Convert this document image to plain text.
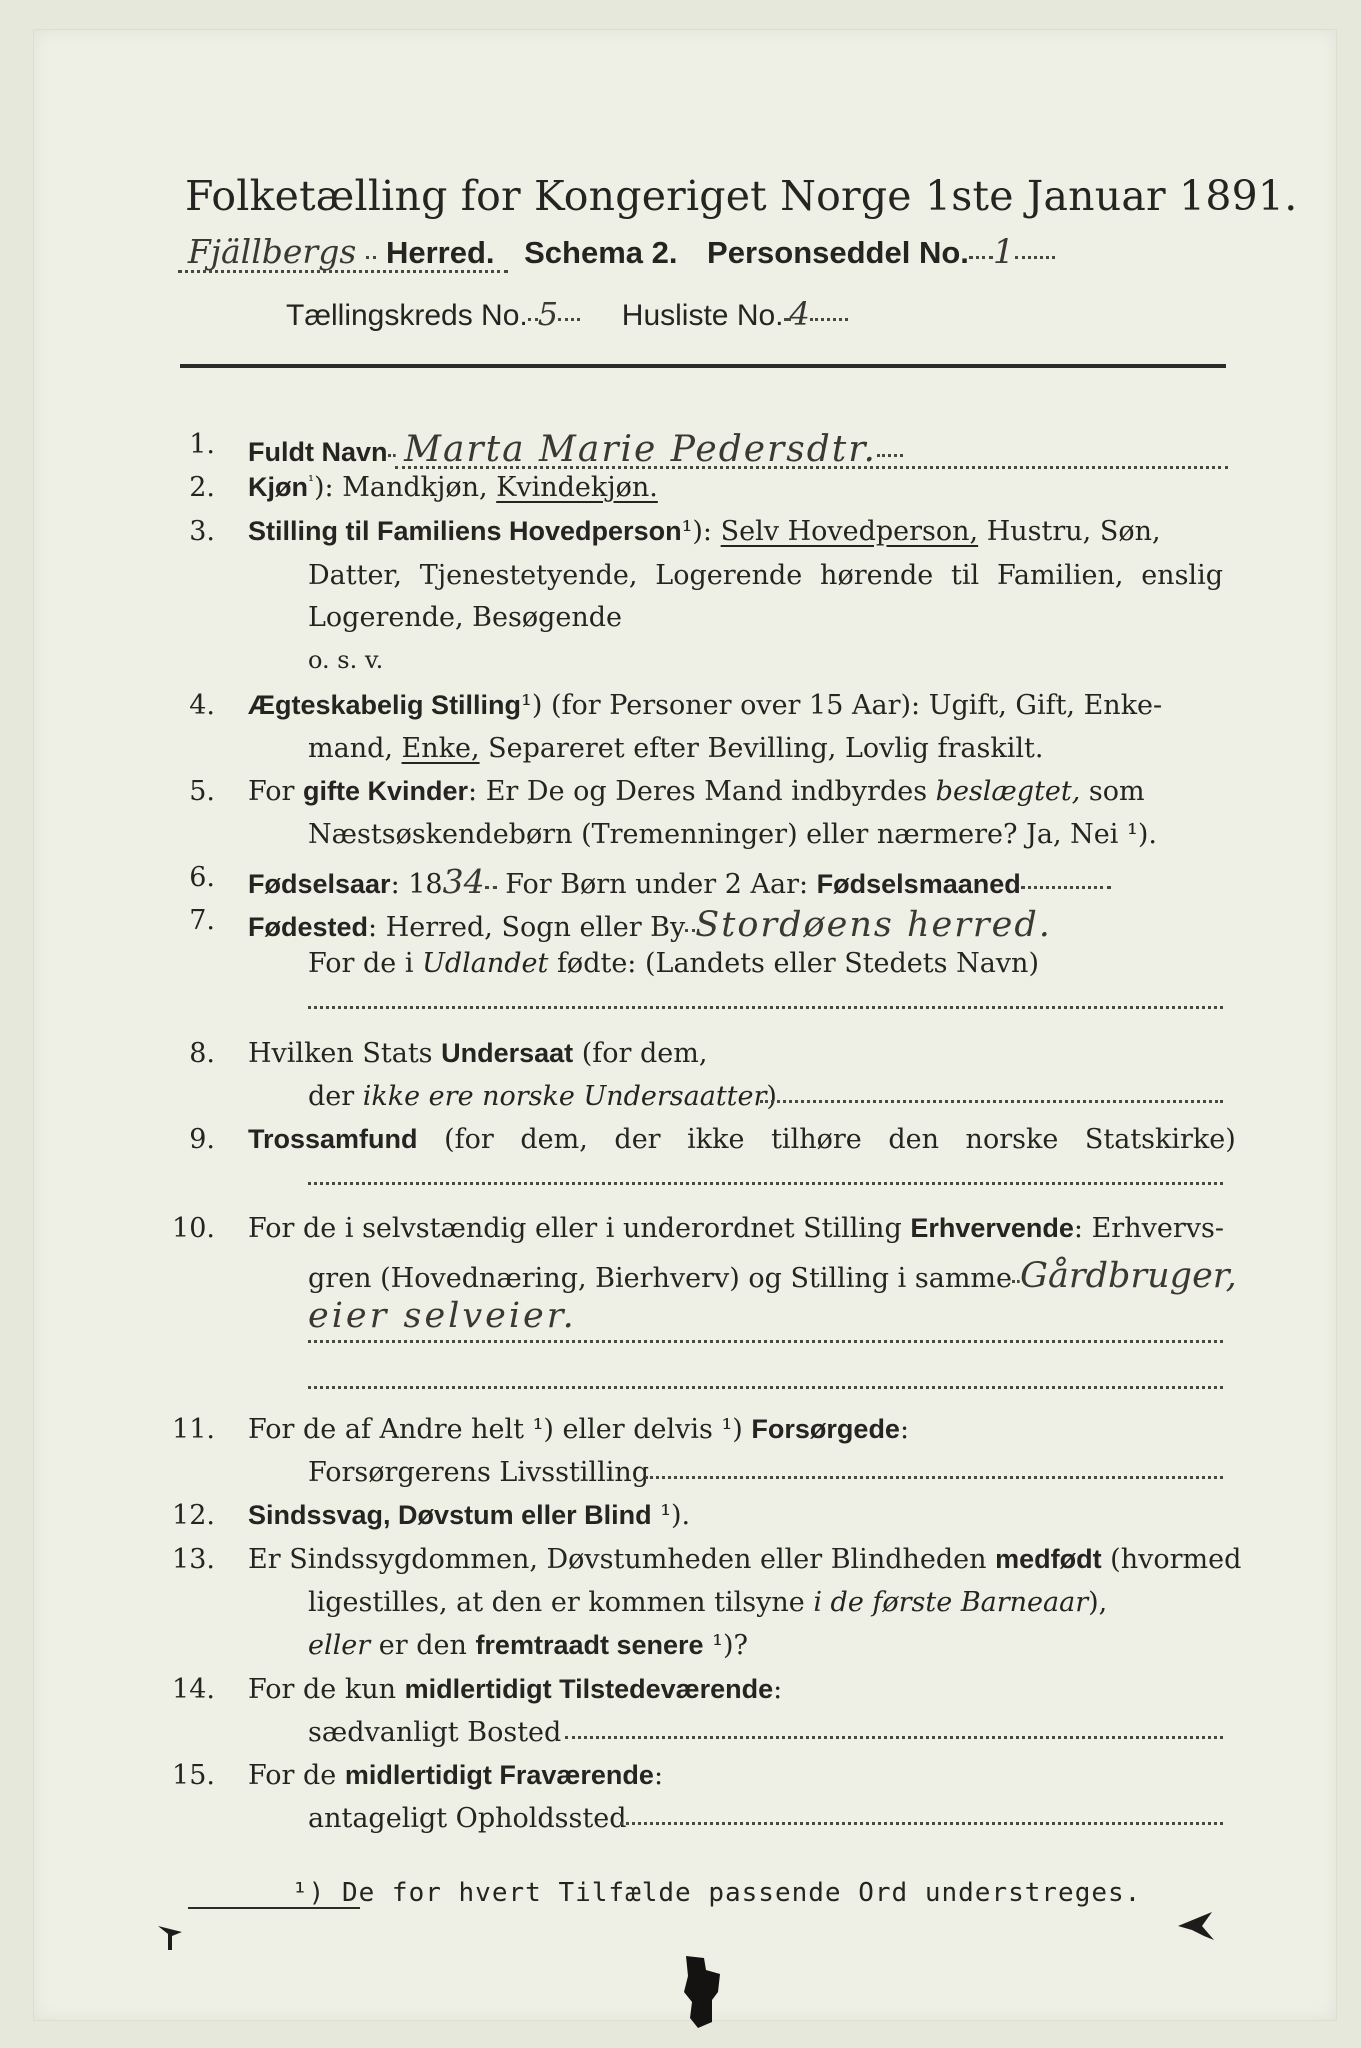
Folketælling for Kongeriget Norge 1ste Januar 1891.
Fjällbergs Herred. Schema 2. Personseddel No. 1
Tællingskreds No. 5 Husliste No. 4
1. Fuldt Navn Marta Marie Pedersdtr.
2. Kjøn$^{^1}$): Mandkjøn, Kvindekjøn.
3. Stilling til Familiens Hovedperson¹): Selv Hovedperson, Hustru, Søn,
Datter, Tjenestetyende, Logerende hørende til Familien, enslig
Logerende, Besøgende
o. s. v.
4. Ægteskabelig Stilling¹) (for Personer over 15 Aar): Ugift, Gift, Enke-
mand, Enke, Separeret efter Bevilling, Lovlig fraskilt.
5. For gifte Kvinder: Er De og Deres Mand indbyrdes beslægtet, som
Næstsøskendebørn (Tremenninger) eller nærmere? Ja, Nei ¹).
6. Fødselsaar: 1834 For Børn under 2 Aar: Fødselsmaaned
7. Fødested: Herred, Sogn eller By Stordøens herred.
For de i Udlandet fødte: (Landets eller Stedets Navn)
8. Hvilken Stats Undersaat (for dem,
der ikke ere norske Undersaatter)
9. Trossamfund (for dem, der ikke tilhøre den norske Statskirke)
10. For de i selvstændig eller i underordnet Stilling Erhvervende: Erhvervs-
gren (Hovednæring, Bierhverv) og Stilling i samme Gårdbruger,
eier selveier.
11. For de af Andre helt ¹) eller delvis ¹) Forsørgede:
Forsørgerens Livsstilling
12. Sindssvag, Døvstum eller Blind ¹).
13. Er Sindssygdommen, Døvstumheden eller Blindheden medfødt (hvormed
ligestilles, at den er kommen tilsyne i de første Barneaar),
eller er den fremtraadt senere ¹)?
14. For de kun midlertidigt Tilstedeværende:
sædvanligt Bosted
15. For de midlertidigt Fraværende:
antageligt Opholdssted
¹) De for hvert Tilfælde passende Ord understreges.
